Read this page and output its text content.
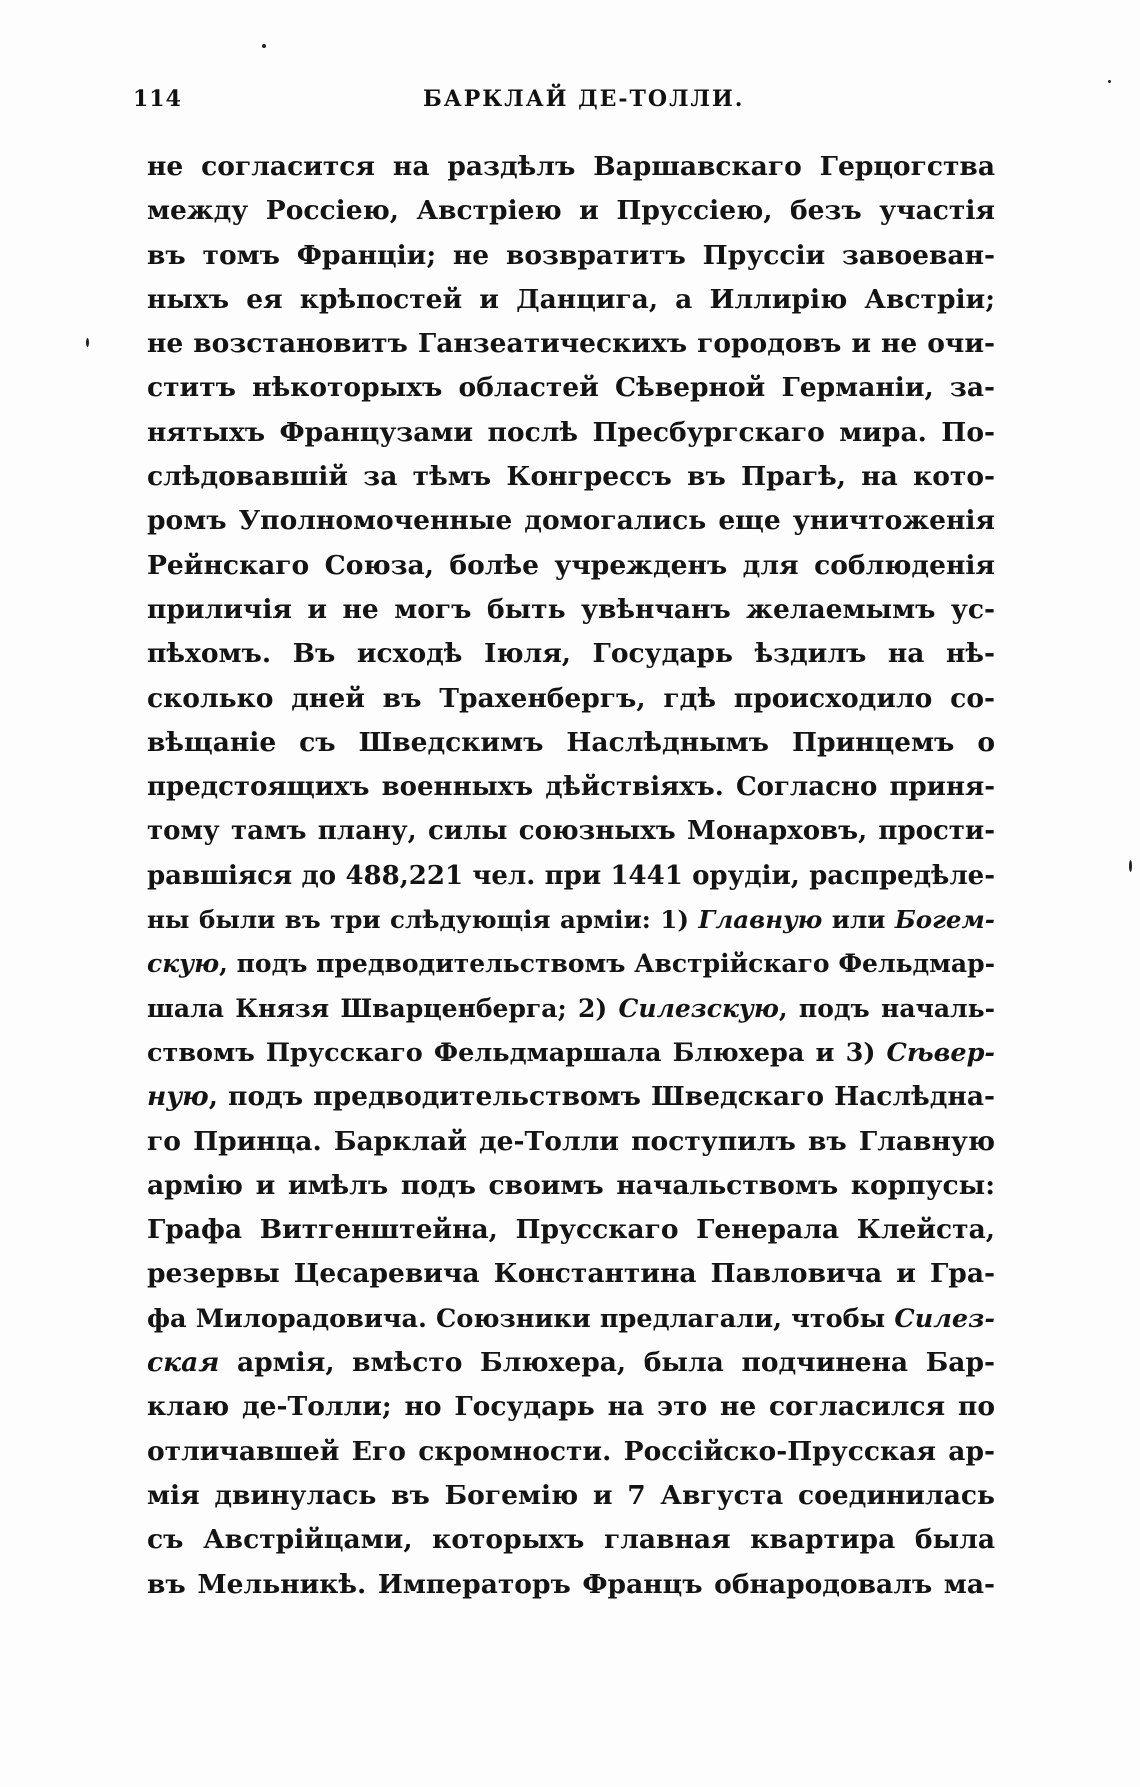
114	БАРКЛАЙ ДЕ-ТОЛЛИ.
не согласится на раздѣлъ Варшавскаго Герцогства
между Россіею, Австріею и Пруссіею, безъ участія
въ томъ Франціи; не возвратитъ Пруссіи завоеван-
ныхъ ея крѣпостей и Данцига, а Иллирію Австріи;
не возстановитъ Ганзеатическихъ городовъ и не очи-
ститъ нѣкоторыхъ областей Сѣверной Германіи, за-
нятыхъ Французами послѣ Пресбургскаго мира. По-
слѣдовавшій за тѣмъ Конгрессъ въ Прагѣ, на кото-
ромъ Уполномоченные домогались еще уничтоженія
Рейнскаго Союза, болѣе учрежденъ для соблюденія
приличія и не могъ быть увѣнчанъ желаемымъ ус-
пѣхомъ. Въ исходѣ Іюля, Государь ѣздилъ на нѣ-
сколько дней въ Трахенбергъ, гдѣ происходило со-
вѣщаніе съ Шведскимъ Наслѣднымъ Принцемъ о
предстоящихъ военныхъ дѣйствіяхъ. Согласно приня-
тому тамъ плану, силы союзныхъ Монарховъ, прости-
равшіяся до 488,221 чел. при 1441 орудіи, распредѣле-
ны были въ три слѣдующія арміи: 1) Главную или Богем-
скую, подъ предводительствомъ Австрійскаго Фельдмар-
шала Князя Шварценберга; 2) Силезскую, подъ началь-
ствомъ Прусскаго Фельдмаршала Блюхера и 3) Сѣвер-
ную, подъ предводительствомъ Шведскаго Наслѣдна-
го Принца. Барклай де-Толли поступилъ въ Главную
армію и имѣлъ подъ своимъ начальствомъ корпусы:
Графа Витгенштейна, Прусскаго Генерала Клейста,
резервы Цесаревича Константина Павловича и Гра-
фа Милорадовича. Союзники предлагали, чтобы Силез-
ская армія, вмѣсто Блюхера, была подчинена Бар-
клаю де-Толли; но Государь на это не согласился по
отличавшей Его скромности. Россійско-Прусская ар-
мія двинулась въ Богемію и 7 Августа соединилась
съ Австрійцами, которыхъ главная квартира была
въ Мельникѣ. Императоръ Францъ обнародовалъ ма-
